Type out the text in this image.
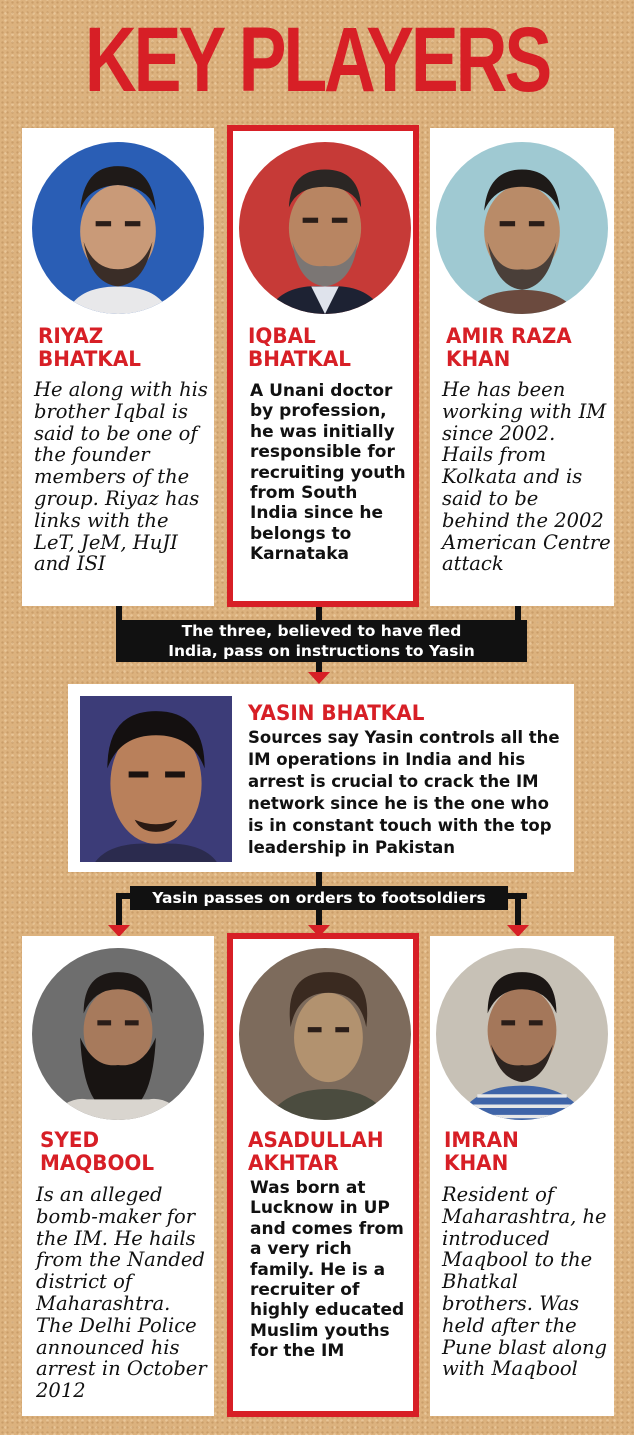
KEY PLAYERS
RIYAZ
BHATKAL
He along with his brother Iqbal is said to be one of the founder members of the group. Riyaz has links with the LeT, JeM, HuJI and ISI
IQBAL
BHATKAL
A Unani doctor by profession, he was initially responsible for recruiting youth from South India since he belongs to Karnataka
AMIR RAZA
KHAN
He has been working with IM since 2002. Hails from Kolkata and is said to be behind the 2002 American Centre attack
The three, believed to have fled
India, pass on instructions to Yasin
YASIN BHATKAL
Sources say Yasin controls all the IM operations in India and his arrest is crucial to crack the IM network since he is the one who is in constant touch with the top leadership in Pakistan
Yasin passes on orders to footsoldiers
SYED
MAQBOOL
Is an alleged bomb-maker for the IM. He hails from the Nanded district of Maharashtra. The Delhi Police announced his arrest in October 2012
ASADULLAH
AKHTAR
Was born at Lucknow in UP and comes from a very rich family. He is a recruiter of highly educated Muslim youths for the IM
IMRAN
KHAN
Resident of Maharashtra, he introduced Maqbool to the Bhatkal brothers. Was held after the Pune blast along with Maqbool
